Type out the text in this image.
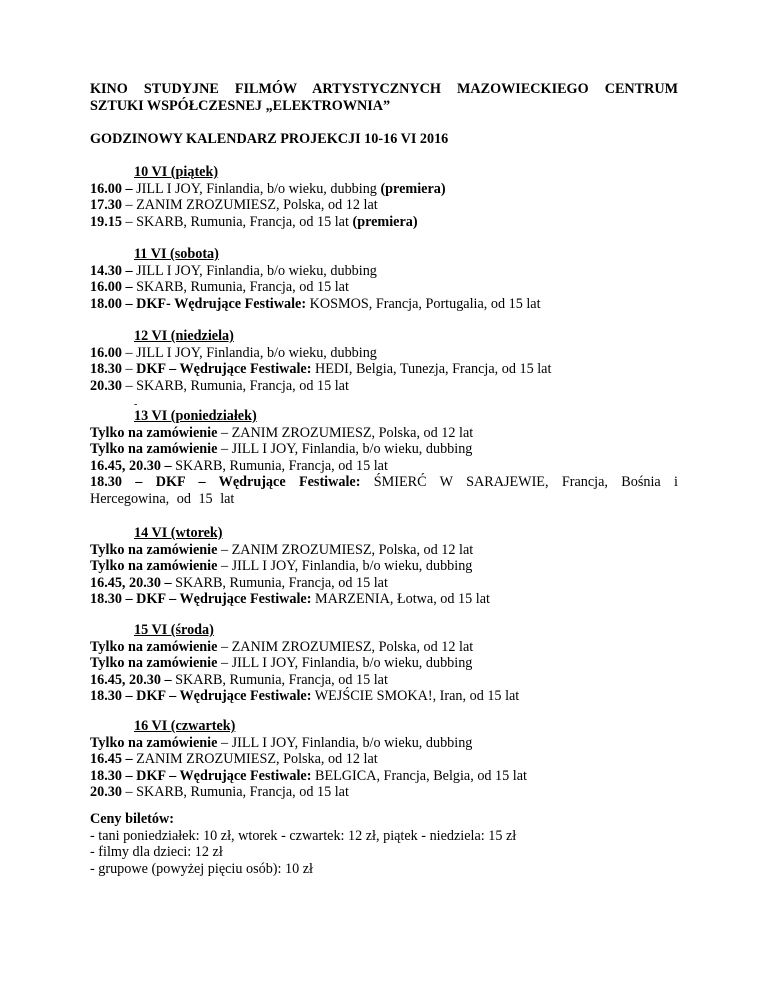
KINO STUDYJNE FILMÓW ARTYSTYCZNYCH MAZOWIECKIEGO CENTRUM
SZTUKI WSPÓŁCZESNEJ „ELEKTROWNIA”
GODZINOWY KALENDARZ PROJEKCJI 10-16 VI 2016
10 VI (piątek)
16.00 – JILL I JOY, Finlandia, b/o wieku, dubbing (premiera)
17.30 – ZANIM ZROZUMIESZ, Polska, od 12 lat
19.15 – SKARB, Rumunia, Francja, od 15 lat (premiera)
11 VI (sobota)
14.30 – JILL I JOY, Finlandia, b/o wieku, dubbing
16.00 – SKARB, Rumunia, Francja, od 15 lat
18.00 – DKF- Wędrujące Festiwale: KOSMOS, Francja, Portugalia, od 15 lat
12 VI (niedziela)
16.00 – JILL I JOY, Finlandia, b/o wieku, dubbing
18.30 – DKF – Wędrujące Festiwale: HEDI, Belgia, Tunezja, Francja, od 15 lat
20.30 – SKARB, Rumunia, Francja, od 15 lat
-
13 VI (poniedziałek)
Tylko na zamówienie – ZANIM ZROZUMIESZ, Polska, od 12 lat
Tylko na zamówienie – JILL I JOY, Finlandia, b/o wieku, dubbing
16.45, 20.30 – SKARB, Rumunia, Francja, od 15 lat
18.30 – DKF – Wędrujące Festiwale: ŚMIERĆ W SARAJEWIE, Francja, Bośnia i Hercegowina, od 15 lat
14 VI (wtorek)
Tylko na zamówienie – ZANIM ZROZUMIESZ, Polska, od 12 lat
Tylko na zamówienie – JILL I JOY, Finlandia, b/o wieku, dubbing
16.45, 20.30 – SKARB, Rumunia, Francja, od 15 lat
18.30 – DKF – Wędrujące Festiwale: MARZENIA, Łotwa, od 15 lat
15 VI (środa)
Tylko na zamówienie – ZANIM ZROZUMIESZ, Polska, od 12 lat
Tylko na zamówienie – JILL I JOY, Finlandia, b/o wieku, dubbing
16.45, 20.30 – SKARB, Rumunia, Francja, od 15 lat
18.30 – DKF – Wędrujące Festiwale: WEJŚCIE SMOKA!, Iran, od 15 lat
16 VI (czwartek)
Tylko na zamówienie – JILL I JOY, Finlandia, b/o wieku, dubbing
16.45 – ZANIM ZROZUMIESZ, Polska, od 12 lat
18.30 – DKF – Wędrujące Festiwale: BELGICA, Francja, Belgia, od 15 lat
20.30 – SKARB, Rumunia, Francja, od 15 lat
Ceny biletów:
- tani poniedziałek: 10 zł, wtorek - czwartek: 12 zł, piątek - niedziela: 15 zł
- filmy dla dzieci: 12 zł
- grupowe (powyżej pięciu osób): 10 zł
